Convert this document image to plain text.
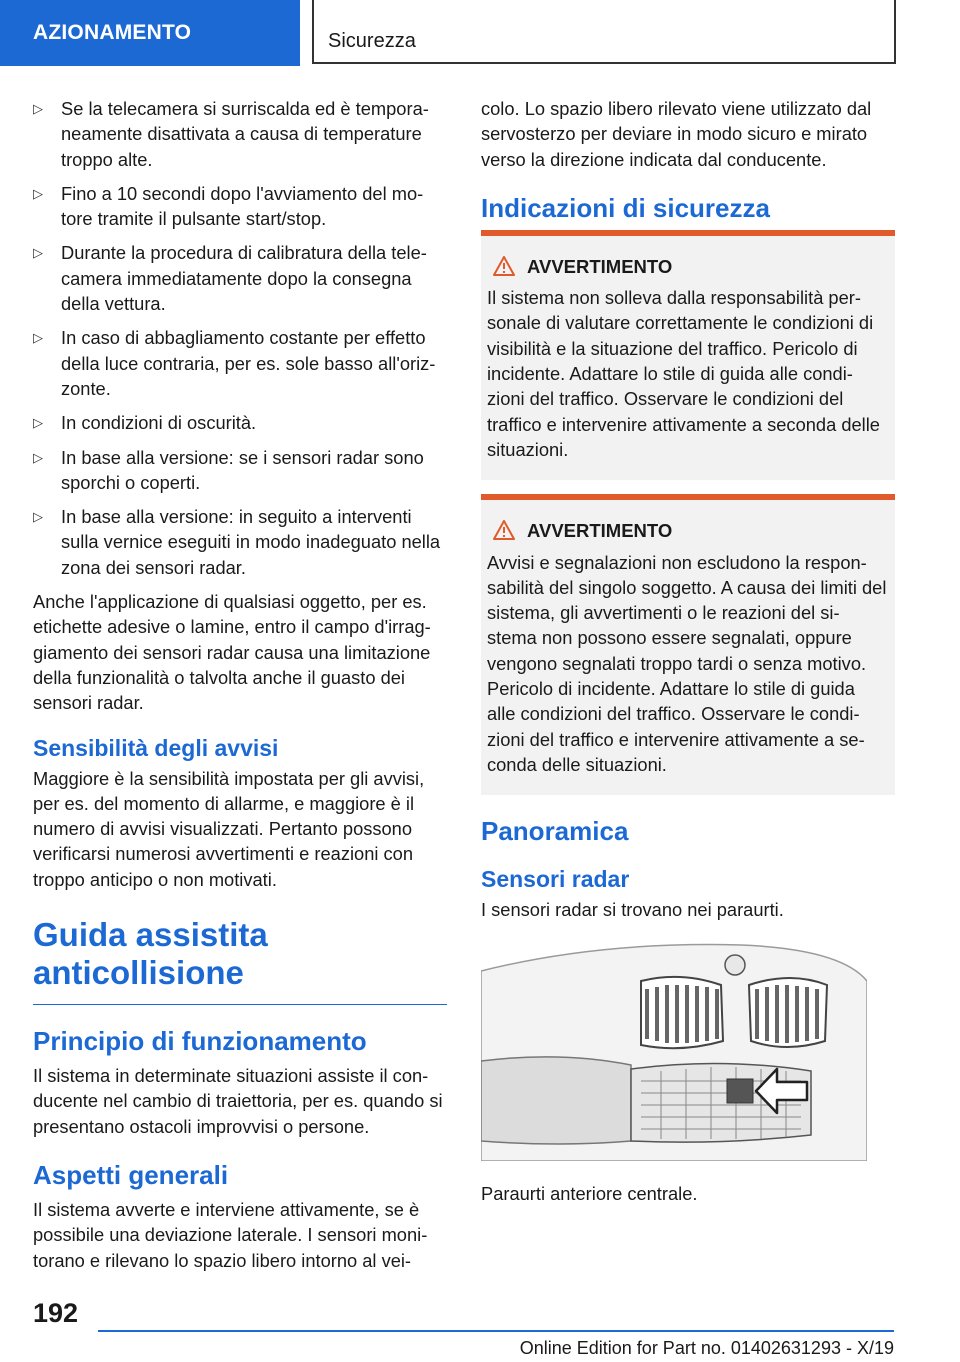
AZIONAMENTO	Sicurezza
▷ Se la telecamera si surriscalda ed è tempora-neamente disattivata a causa di temperature troppo alte.
▷ Fino a 10 secondi dopo l'avviamento del mo-tore tramite il pulsante start/stop.
▷ Durante la procedura di calibratura della tele-camera immediatamente dopo la consegna della vettura.
▷ In caso di abbagliamento costante per effetto della luce contraria, per es. sole basso all'oriz-zonte.
▷ In condizioni di oscurità.
▷ In base alla versione: se i sensori radar sono sporchi o coperti.
▷ In base alla versione: in seguito a interventi sulla vernice eseguiti in modo inadeguato nella zona dei sensori radar.

Anche l'applicazione di qualsiasi oggetto, per es. etichette adesive o lamine, entro il campo d'irrag-giamento dei sensori radar causa una limitazione della funzionalità o talvolta anche il guasto dei sensori radar.

Sensibilità degli avvisi

Maggiore è la sensibilità impostata per gli avvisi, per es. del momento di allarme, e maggiore è il numero di avvisi visualizzati. Pertanto possono verificarsi numerosi avvertimenti e reazioni con troppo anticipo o non motivati.

Guida assistita anticollisione
Principio di funzionamento

Il sistema in determinate situazioni assiste il con-ducente nel cambio di traiettoria, per es. quando si presentano ostacoli improvvisi o persone.

Aspetti generali

Il sistema avverte e interviene attivamente, se è possibile una deviazione laterale. I sensori moni-torano e rilevano lo spazio libero intorno al vei-

colo. Lo spazio libero rilevato viene utilizzato dal servosterzo per deviare in modo sicuro e mirato verso la direzione indicata dal conducente.

Indicazioni di sicurezza
AVVERTIMENTO

Il sistema non solleva dalla responsabilità per-sonale di valutare correttamente le condizioni di visibilità e la situazione del traffico. Pericolo di incidente. Adattare lo stile di guida alle condi-zioni del traffico. Osservare le condizioni del traffico e intervenire attivamente a seconda delle situazioni.

AVVERTIMENTO

Avvisi e segnalazioni non escludono la respon-sabilità del singolo soggetto. A causa dei limiti del sistema, gli avvertimenti o le reazioni del si-stema non possono essere segnalati, oppure vengono segnalati troppo tardi o senza motivo. Pericolo di incidente. Adattare lo stile di guida alle condizioni del traffico. Osservare le condi-zioni del traffico e intervenire attivamente a se-conda delle situazioni.

Panoramica
Sensori radar

I sensori radar si trovano nei paraurti.

Paraurti anteriore centrale.

192
Online Edition for Part no. 01402631293 - X/19
